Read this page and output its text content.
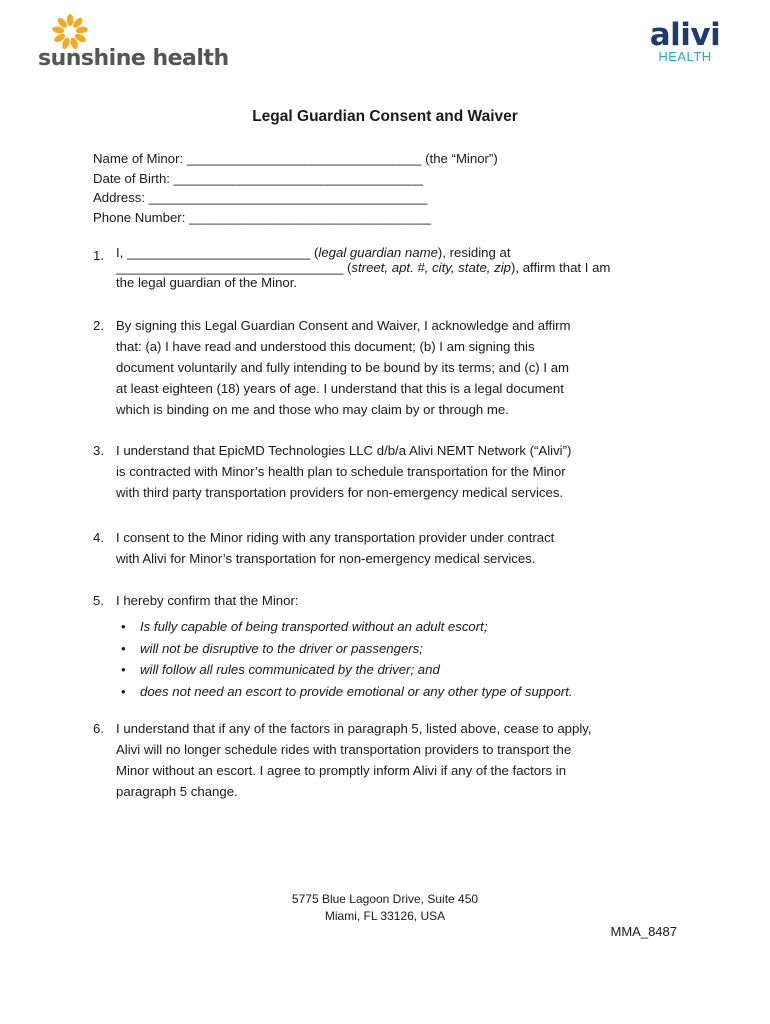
sunshine health
alivi
HEALTH
Legal Guardian Consent and Waiver
Name of Minor: ________________________________ (the “Minor”)
Date of Birth: __________________________________
Address: ______________________________________
Phone Number: _________________________________
1. I, _________________________ (legal guardian name), residing at
_______________________________ (street, apt. #, city, state, zip), affirm that I am
the legal guardian of the Minor.
2. By signing this Legal Guardian Consent and Waiver, I acknowledge and affirm
that: (a) I have read and understood this document; (b) I am signing this
document voluntarily and fully intending to be bound by its terms; and (c) I am
at least eighteen (18) years of age. I understand that this is a legal document
which is binding on me and those who may claim by or through me.
3. I understand that EpicMD Technologies LLC d/b/a Alivi NEMT Network (“Alivi”)
is contracted with Minor’s health plan to schedule transportation for the Minor
with third party transportation providers for non-emergency medical services.
4. I consent to the Minor riding with any transportation provider under contract
with Alivi for Minor’s transportation for non-emergency medical services.
5. I hereby confirm that the Minor:
• Is fully capable of being transported without an adult escort;
• will not be disruptive to the driver or passengers;
• will follow all rules communicated by the driver; and
• does not need an escort to provide emotional or any other type of support.
6. I understand that if any of the factors in paragraph 5, listed above, cease to apply,
Alivi will no longer schedule rides with transportation providers to transport the
Minor without an escort. I agree to promptly inform Alivi if any of the factors in
paragraph 5 change.
5775 Blue Lagoon Drive, Suite 450
Miami, FL 33126, USA
MMA_8487
